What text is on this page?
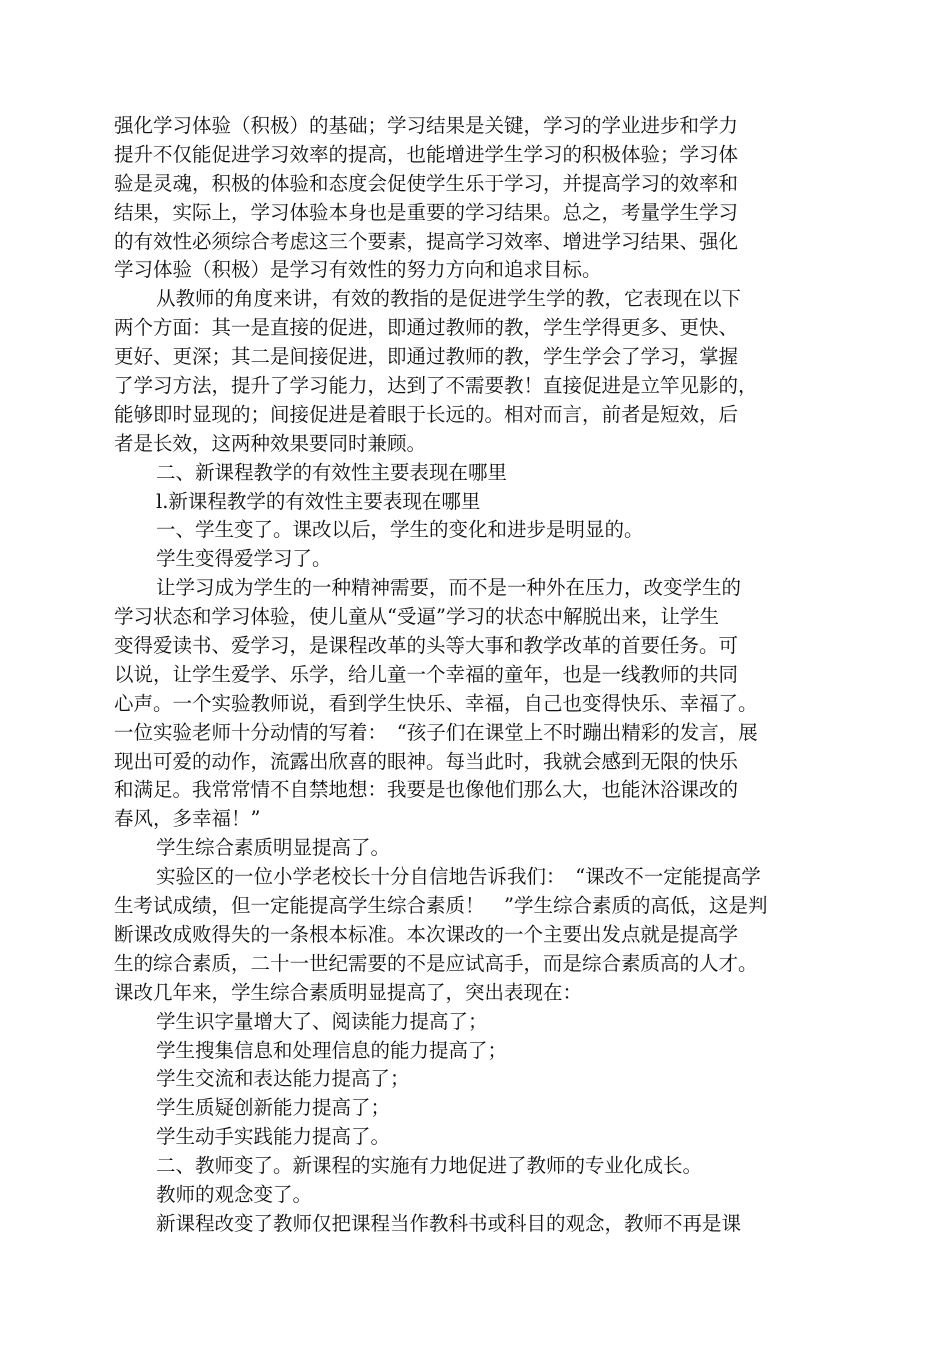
强化学习体验（积极）的基础；学习结果是关键，学习的学业进步和学力
提升不仅能促进学习效率的提高，也能增进学生学习的积极体验；学习体
验是灵魂，积极的体验和态度会促使学生乐于学习，并提高学习的效率和
结果，实际上，学习体验本身也是重要的学习结果。总之，考量学生学习
的有效性必须综合考虑这三个要素，提高学习效率、增进学习结果、强化
学习体验（积极）是学习有效性的努力方向和追求目标。
从教师的角度来讲，有效的教指的是促进学生学的教，它表现在以下
两个方面：其一是直接的促进，即通过教师的教，学生学得更多、更快、
更好、更深；其二是间接促进，即通过教师的教，学生学会了学习，掌握
了学习方法，提升了学习能力，达到了不需要教！直接促进是立竿见影的，
能够即时显现的；间接促进是着眼于长远的。相对而言，前者是短效，后
者是长效，这两种效果要同时兼顾。
二、新课程教学的有效性主要表现在哪里
l.新课程教学的有效性主要表现在哪里
一、学生变了。课改以后，学生的变化和进步是明显的。
学生变得爱学习了。
让学习成为学生的一种精神需要，而不是一种外在压力，改变学生的
学习状态和学习体验，使儿童从“受逼”学习的状态中解脱出来，让学生
变得爱读书、爱学习，是课程改革的头等大事和教学改革的首要任务。可
以说，让学生爱学、乐学，给儿童一个幸福的童年，也是一线教师的共同
心声。一个实验教师说，看到学生快乐、幸福，自己也变得快乐、幸福了。
一位实验老师十分动情的写着：　“孩子们在课堂上不时蹦出精彩的发言，展
现出可爱的动作，流露出欣喜的眼神。每当此时，我就会感到无限的快乐
和满足。我常常情不自禁地想：我要是也像他们那么大，也能沐浴课改的
春风，多幸福！”
学生综合素质明显提高了。
实验区的一位小学老校长十分自信地告诉我们：　“课改不一定能提高学
生考试成绩，但一定能提高学生综合素质！　”学生综合素质的高低，这是判
断课改成败得失的一条根本标准。本次课改的一个主要出发点就是提高学
生的综合素质，二十一世纪需要的不是应试高手，而是综合素质高的人才。
课改几年来，学生综合素质明显提高了，突出表现在：
学生识字量增大了、阅读能力提高了；
学生搜集信息和处理信息的能力提高了；
学生交流和表达能力提高了；
学生质疑创新能力提高了；
学生动手实践能力提高了。
二、教师变了。新课程的实施有力地促进了教师的专业化成长。
教师的观念变了。
新课程改变了教师仅把课程当作教科书或科目的观念，教师不再是课
